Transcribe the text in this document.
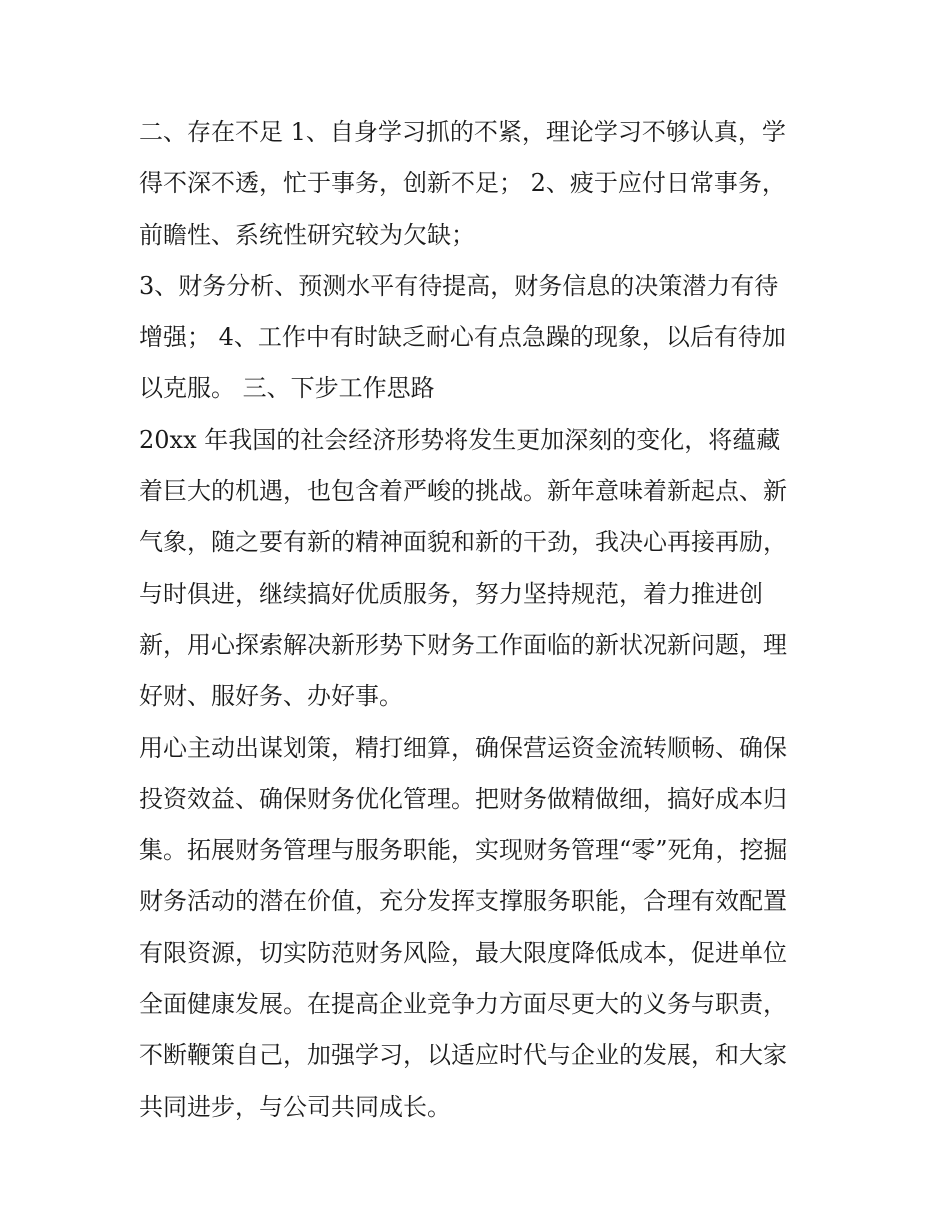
二、存在不足 1、自身学习抓的不紧，理论学习不够认真，学
得不深不透，忙于事务，创新不足； 2、疲于应付日常事务，
前瞻性、系统性研究较为欠缺；
3、财务分析、预测水平有待提高，财务信息的决策潜力有待
增强； 4、工作中有时缺乏耐心有点急躁的现象，以后有待加
以克服。 三、下步工作思路
20xx 年我国的社会经济形势将发生更加深刻的变化，将蕴藏
着巨大的机遇，也包含着严峻的挑战。新年意味着新起点、新
气象，随之要有新的精神面貌和新的干劲，我决心再接再励，
与时俱进，继续搞好优质服务，努力坚持规范，着力推进创
新，用心探索解决新形势下财务工作面临的新状况新问题，理
好财、服好务、办好事。
用心主动出谋划策，精打细算，确保营运资金流转顺畅、确保
投资效益、确保财务优化管理。把财务做精做细，搞好成本归
集。拓展财务管理与服务职能，实现财务管理“零”死角，挖掘
财务活动的潜在价值，充分发挥支撑服务职能，合理有效配置
有限资源，切实防范财务风险，最大限度降低成本，促进单位
全面健康发展。在提高企业竞争力方面尽更大的义务与职责，
不断鞭策自己，加强学习，以适应时代与企业的发展，和大家
共同进步，与公司共同成长。
